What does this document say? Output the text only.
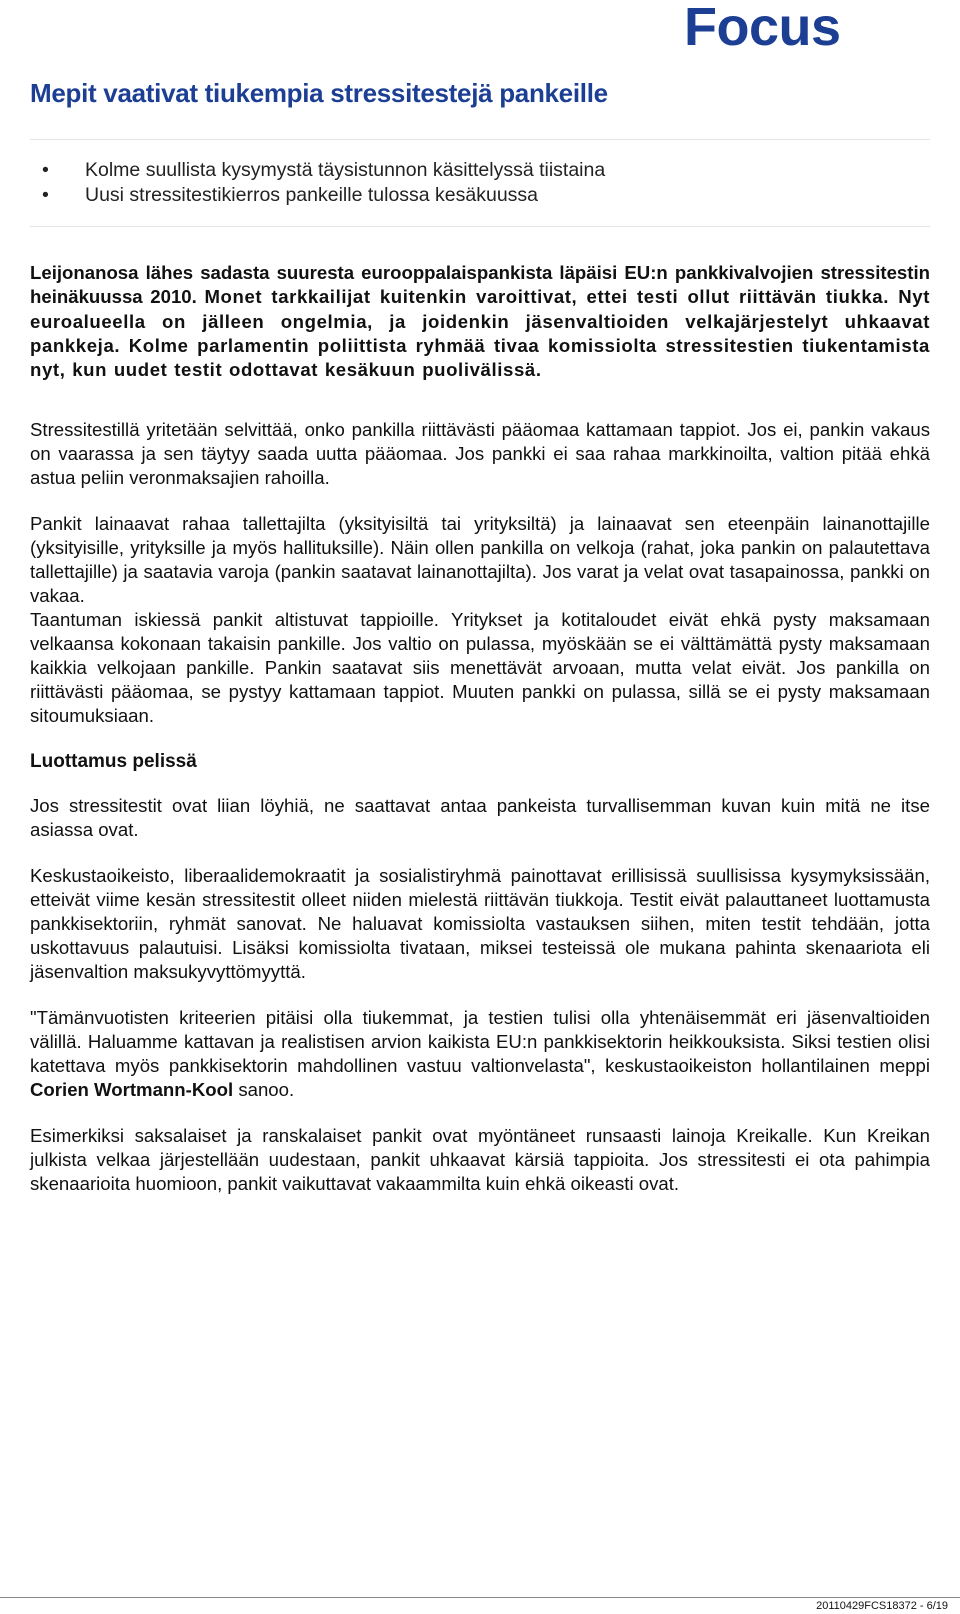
Focus
Mepit vaativat tiukempia stressitestejä pankeille
• Kolme suullista kysymystä täysistunnon käsittelyssä tiistaina
• Uusi stressitestikierros pankeille tulossa kesäkuussa

Leijonanosa lähes sadasta suuresta eurooppalaispankista läpäisi EU:n pankkivalvojien stressitestin heinäkuussa 2010. Monet tarkkailijat kuitenkin varoittivat, ettei testi ollut riittävän tiukka. Nyt euroalueella on jälleen ongelmia, ja joidenkin jäsenvaltioiden velkajärjestelyt uhkaavat pankkeja. Kolme parlamentin poliittista ryhmää tivaa komissiolta stressitestien tiukentamista nyt, kun uudet testit odottavat kesäkuun puolivälissä.

Stressitestillä yritetään selvittää, onko pankilla riittävästi pääomaa kattamaan tappiot. Jos ei, pankin vakaus on vaarassa ja sen täytyy saada uutta pääomaa. Jos pankki ei saa rahaa markkinoilta, valtion pitää ehkä astua peliin veronmaksajien rahoilla.

Pankit lainaavat rahaa tallettajilta (yksityisiltä tai yrityksiltä) ja lainaavat sen eteenpäin lainanottajille (yksityisille, yrityksille ja myös hallituksille). Näin ollen pankilla on velkoja (rahat, joka pankin on palautettava tallettajille) ja saatavia varoja (pankin saatavat lainanottajilta). Jos varat ja velat ovat tasapainossa, pankki on vakaa.

Taantuman iskiessä pankit altistuvat tappioille. Yritykset ja kotitaloudet eivät ehkä pysty maksamaan velkaansa kokonaan takaisin pankille. Jos valtio on pulassa, myöskään se ei välttämättä pysty maksamaan kaikkia velkojaan pankille. Pankin saatavat siis menettävät arvoaan, mutta velat eivät. Jos pankilla on riittävästi pääomaa, se pystyy kattamaan tappiot. Muuten pankki on pulassa, sillä se ei pysty maksamaan sitoumuksiaan.

Luottamus pelissä

Jos stressitestit ovat liian löyhiä, ne saattavat antaa pankeista turvallisemman kuvan kuin mitä ne itse asiassa ovat.

Keskustaoikeisto, liberaalidemokraatit ja sosialistiryhmä painottavat erillisissä suullisissa kysymyksissään, etteivät viime kesän stressitestit olleet niiden mielestä riittävän tiukkoja. Testit eivät palauttaneet luottamusta pankkisektoriin, ryhmät sanovat. Ne haluavat komissiolta vastauksen siihen, miten testit tehdään, jotta uskottavuus palautuisi. Lisäksi komissiolta tivataan, miksei testeissä ole mukana pahinta skenaariota eli jäsenvaltion maksukyvyttömyyttä.

"Tämänvuotisten kriteerien pitäisi olla tiukemmat, ja testien tulisi olla yhtenäisemmät eri jäsenvaltioiden välillä. Haluamme kattavan ja realistisen arvion kaikista EU:n pankkisektorin heikkouksista. Siksi testien olisi katettava myös pankkisektorin mahdollinen vastuu valtionvelasta", keskustaoikeiston hollantilainen meppi Corien Wortmann-Kool sanoo.

Esimerkiksi saksalaiset ja ranskalaiset pankit ovat myöntäneet runsaasti lainoja Kreikalle. Kun Kreikan julkista velkaa järjestellään uudestaan, pankit uhkaavat kärsiä tappioita. Jos stressitesti ei ota pahimpia skenaarioita huomioon, pankit vaikuttavat vakaammilta kuin ehkä oikeasti ovat.

20110429FCS18372 - 6/19
